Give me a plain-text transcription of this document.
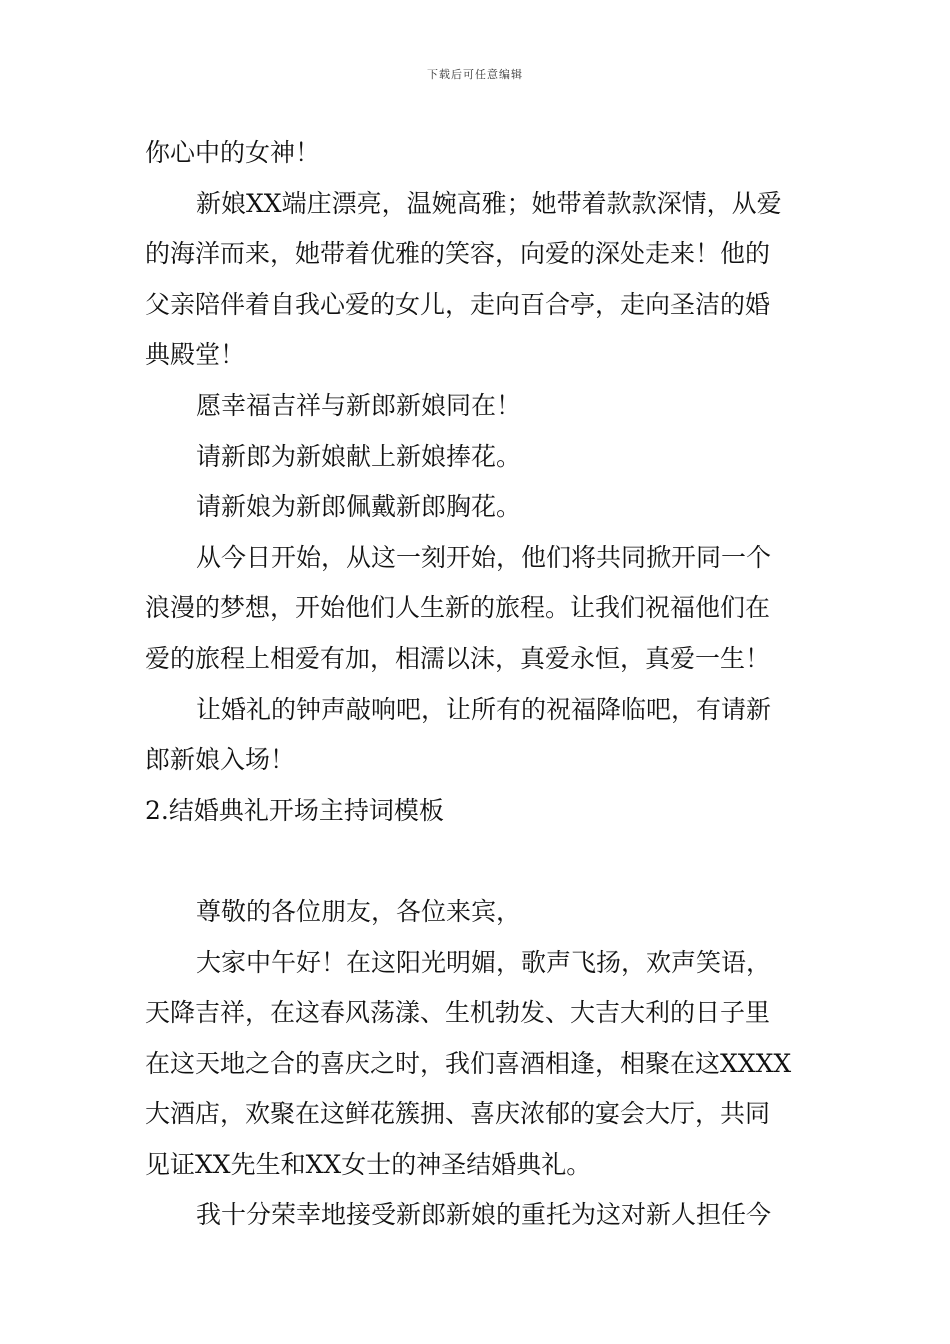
下载后可任意编辑
你心中的女神！
新娘XX端庄漂亮，温婉高雅；她带着款款深情，从爱
的海洋而来，她带着优雅的笑容，向爱的深处走来！他的
父亲陪伴着自我心爱的女儿，走向百合亭，走向圣洁的婚
典殿堂！
愿幸福吉祥与新郎新娘同在！
请新郎为新娘献上新娘捧花。
请新娘为新郎佩戴新郎胸花。
从今日开始，从这一刻开始，他们将共同掀开同一个
浪漫的梦想，开始他们人生新的旅程。让我们祝福他们在
爱的旅程上相爱有加，相濡以沫，真爱永恒，真爱一生！
让婚礼的钟声敲响吧，让所有的祝福降临吧，有请新
郎新娘入场！
2.结婚典礼开场主持词模板
尊敬的各位朋友，各位来宾，
大家中午好！在这阳光明媚，歌声飞扬，欢声笑语，
天降吉祥，在这春风荡漾、生机勃发、大吉大利的日子里
在这天地之合的喜庆之时，我们喜酒相逢，相聚在这XXXX
大酒店，欢聚在这鲜花簇拥、喜庆浓郁的宴会大厅，共同
见证XX先生和XX女士的神圣结婚典礼。
我十分荣幸地接受新郎新娘的重托为这对新人担任今
